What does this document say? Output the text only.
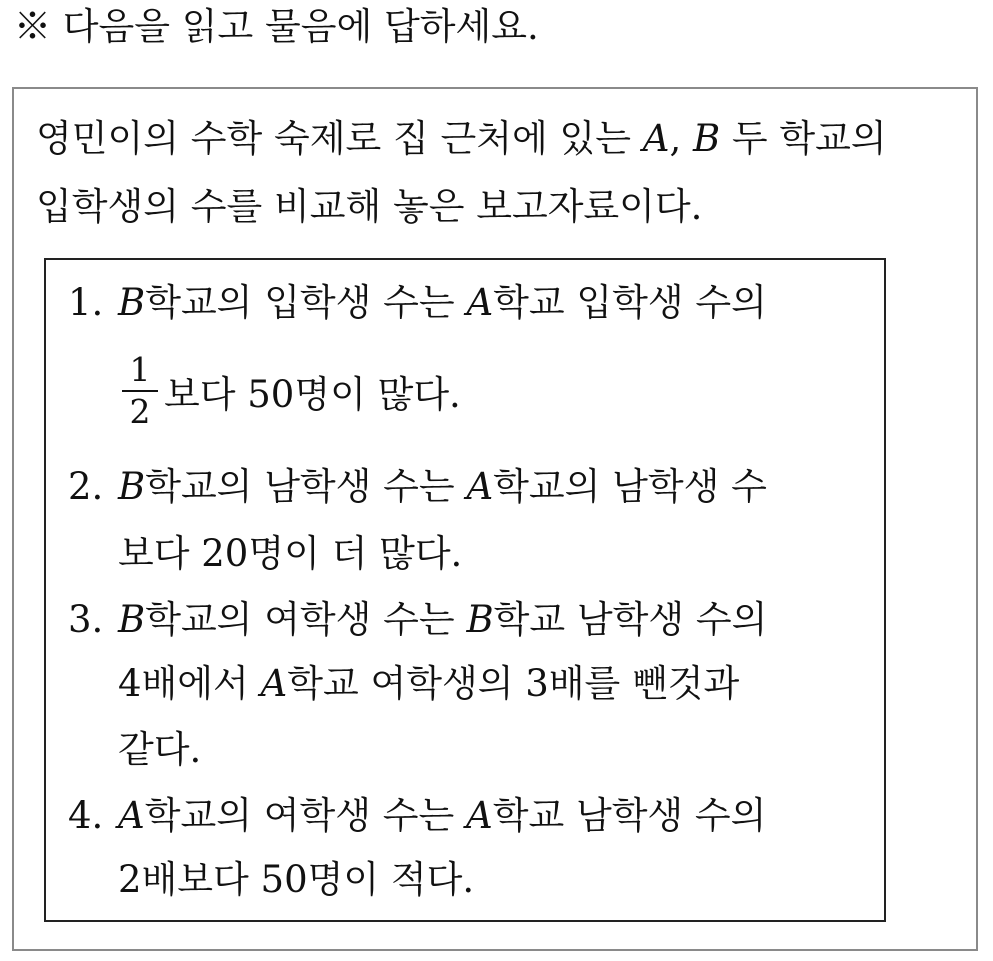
※ 다음을 읽고 물음에 답하세요.
영민이의 수학 숙제로 집 근처에 있는 A, B 두 학교의
입학생의 수를 비교해 놓은 보고자료이다.
1. B학교의 입학생 수는 A학교 입학생 수의
1
2 보다 50명이 많다.
2. B학교의 남학생 수는 A학교의 남학생 수
보다 20명이 더 많다.
3. B학교의 여학생 수는 B학교 남학생 수의
4배에서 A학교 여학생의 3배를 뺀것과
같다.
4. A학교의 여학생 수는 A학교 남학생 수의
2배보다 50명이 적다.
